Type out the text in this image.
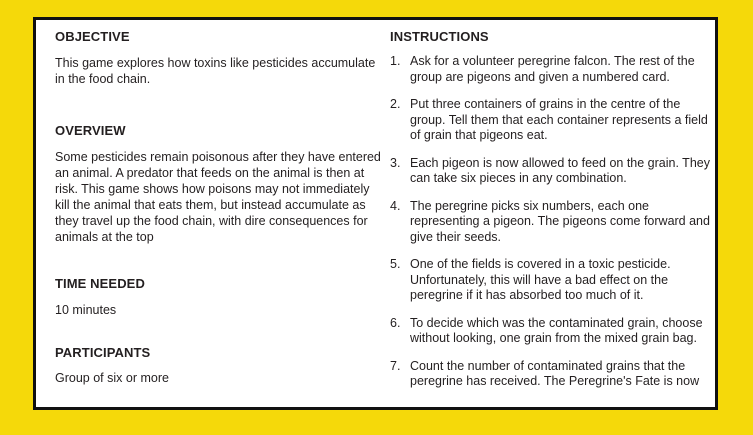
OBJECTIVE

This game explores how toxins like pesticides accumulate in the food chain.

OVERVIEW

Some pesticides remain poisonous after they have entered an animal. A predator that feeds on the animal is then at risk. This game shows how poisons may not immediately kill the animal that eats them, but instead accumulate as they travel up the food chain, with dire consequences for animals at the top

TIME NEEDED

10 minutes

PARTICIPANTS

Group of six or more

INSTRUCTIONS
1. Ask for a volunteer peregrine falcon. The rest of the group are pigeons and given a numbered card.
2. Put three containers of grains in the centre of the group. Tell them that each container represents a field of grain that pigeons eat.
3. Each pigeon is now allowed to feed on the grain. They can take six pieces in any combination.
4. The peregrine picks six numbers, each one representing a pigeon. The pigeons come forward and give their seeds.
5. One of the fields is covered in a toxic pesticide. Unfortunately, this will have a bad effect on the peregrine if it has absorbed too much of it.
6. To decide which was the contaminated grain, choose without looking, one grain from the mixed grain bag.
7. Count the number of contaminated grains that the peregrine has received. The Peregrine's Fate is now
